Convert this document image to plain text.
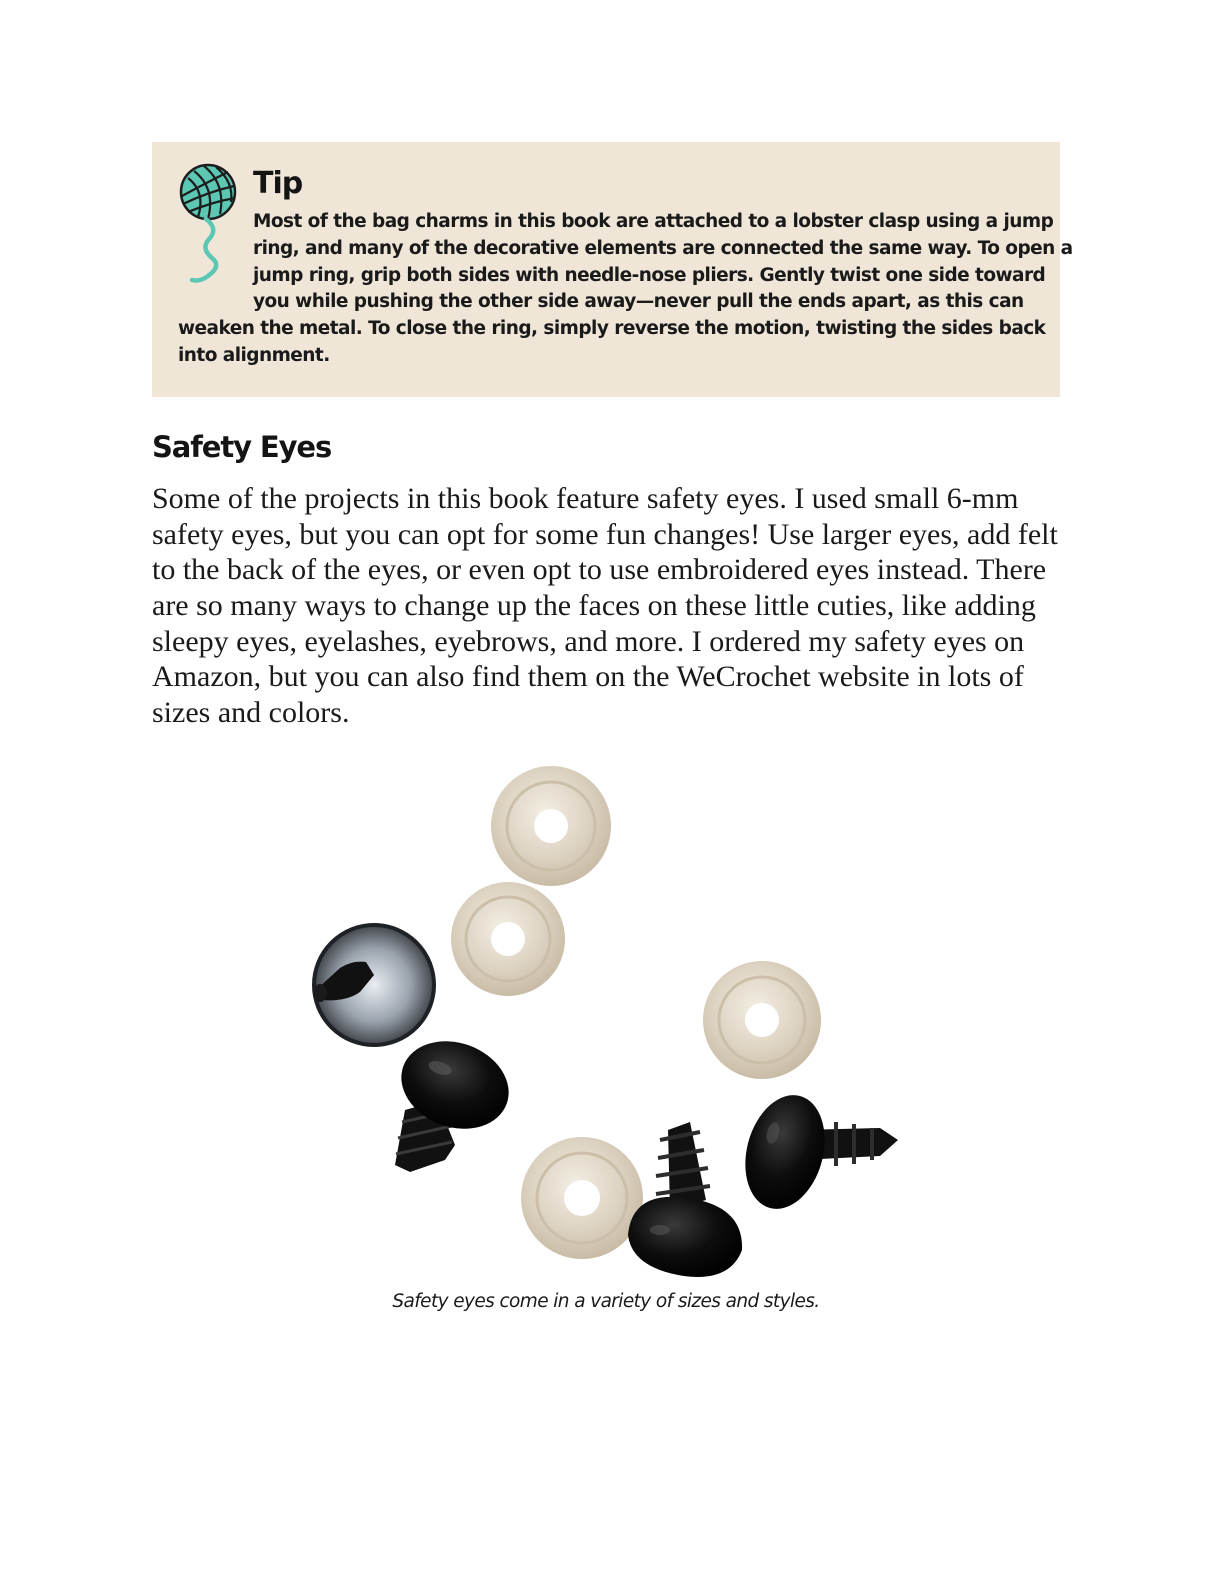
Tip

Most of the bag charms in this book are attached to a lobster clasp using a jump

ring, and many of the decorative elements are connected the same way. To open a

jump ring, grip both sides with needle-nose pliers. Gently twist one side toward

you while pushing the other side away—never pull the ends apart, as this can

weaken the metal. To close the ring, simply reverse the motion, twisting the sides back

into alignment.

Safety Eyes

Some of the projects in this book feature safety eyes. I used small 6-mm

safety eyes, but you can opt for some fun changes! Use larger eyes, add felt

to the back of the eyes, or even opt to use embroidered eyes instead. There

are so many ways to change up the faces on these little cuties, like adding

sleepy eyes, eyelashes, eyebrows, and more. I ordered my safety eyes on

Amazon, but you can also find them on the WeCrochet website in lots of

sizes and colors.

Safety eyes come in a variety of sizes and styles.
